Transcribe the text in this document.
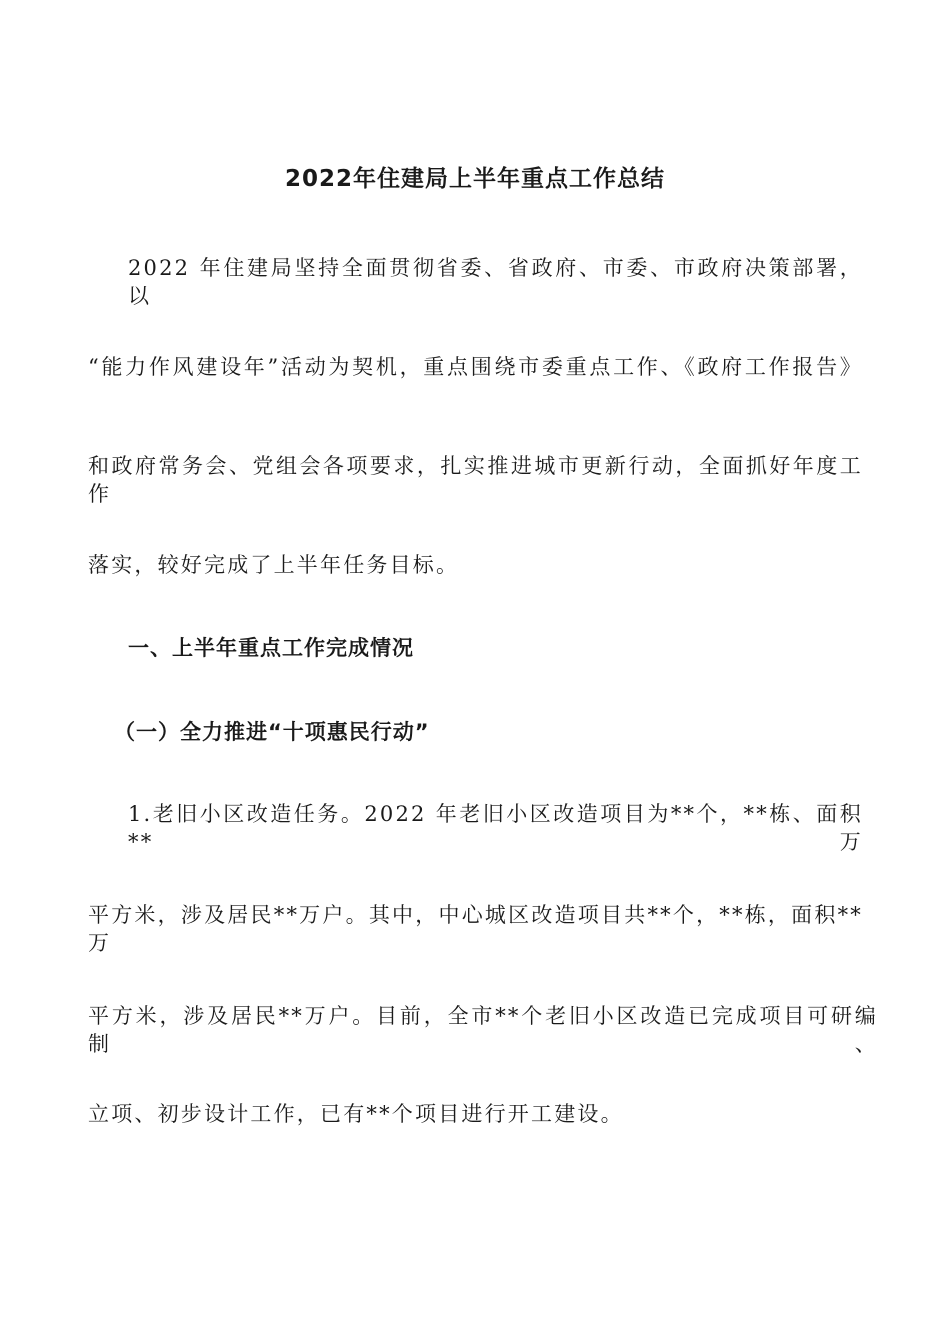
2022年住建局上半年重点工作总结
2022 年住建局坚持全面贯彻省委、省政府、市委、市政府决策部署，以
“能力作风建设年”活动为契机，重点围绕市委重点工作、《政府工作报告》
和政府常务会、党组会各项要求，扎实推进城市更新行动，全面抓好年度工作
落实，较好完成了上半年任务目标。
一、上半年重点工作完成情况
（一）全力推进“十项惠民行动”
1.老旧小区改造任务。2022 年老旧小区改造项目为**个，**栋、面积**万
平方米，涉及居民**万户。其中，中心城区改造项目共**个，**栋，面积**万
平方米，涉及居民**万户。目前，全市**个老旧小区改造已完成项目可研编制、
立项、初步设计工作，已有**个项目进行开工建设。
